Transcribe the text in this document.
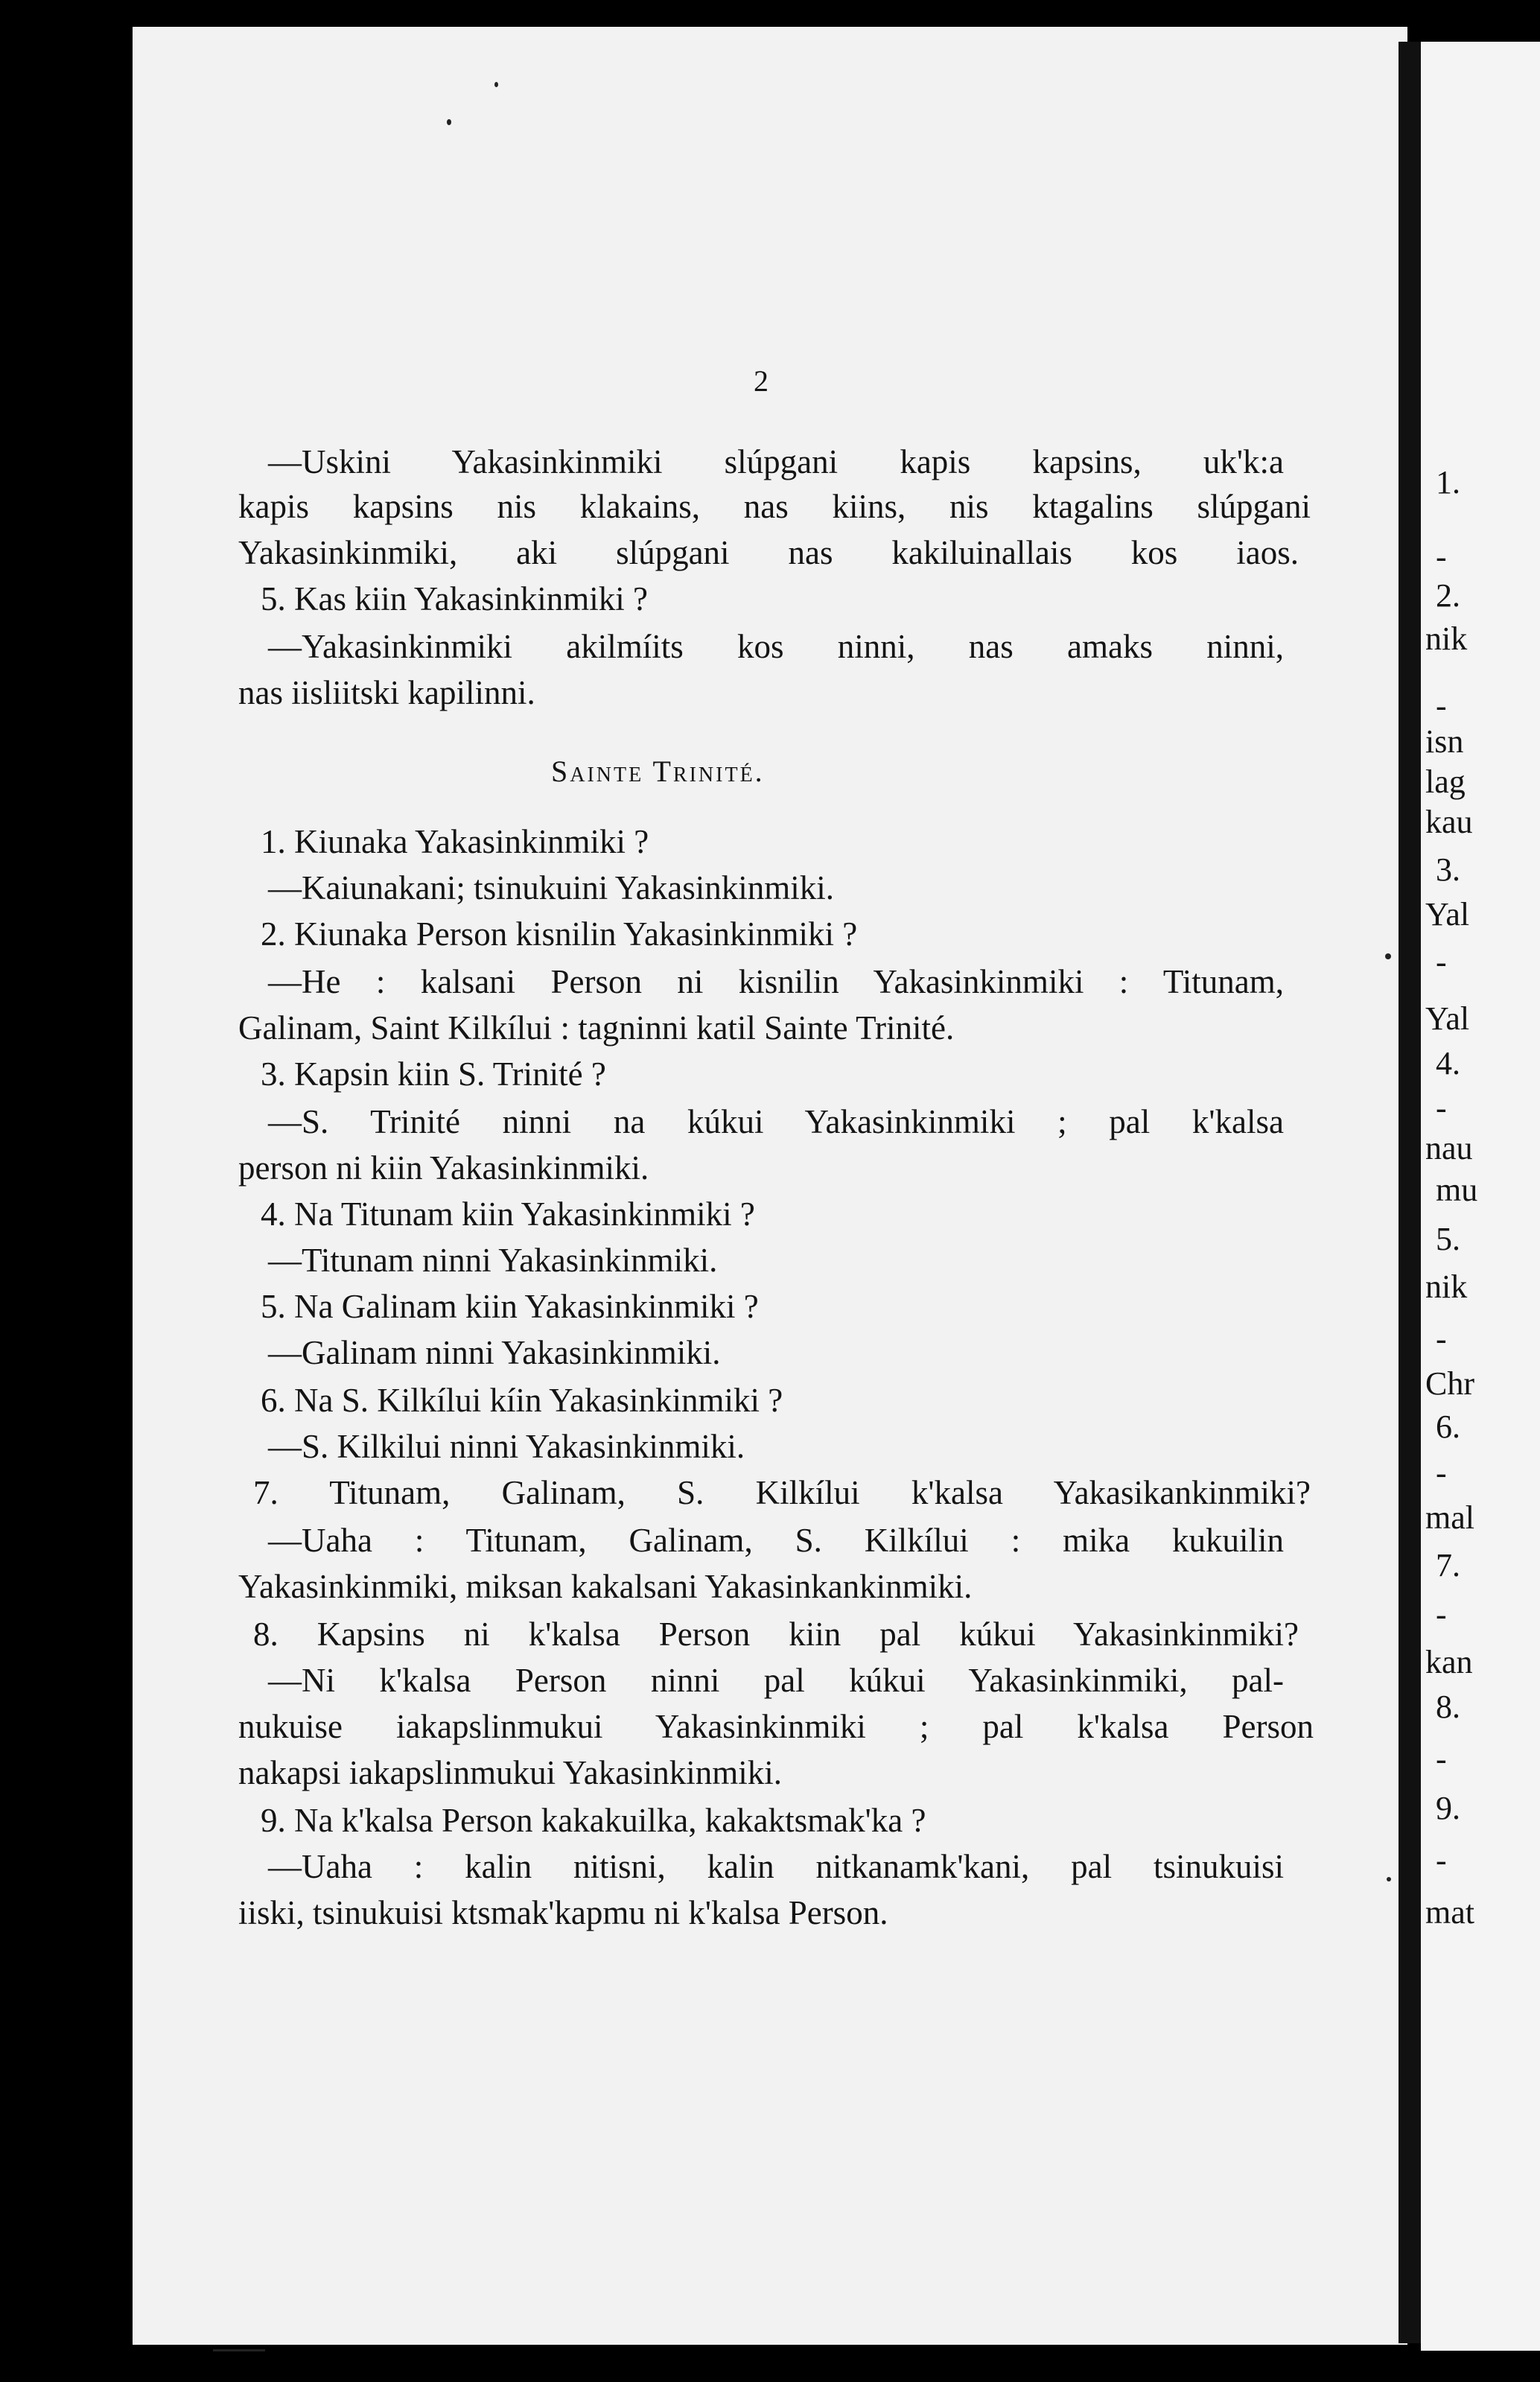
1.
-
2.
nik
-
isn
lag
kau
3.
Yal
-
Yal
4.
-
nau
mu
5.
nik
-
Chr
6.
-
mal
7.
-
kan
8.
-
9.
-
mat
2
—Uskini Yakasinkinmiki slúpgani kapis kapsins, uk'k:a
kapis kapsins nis klakains, nas kiins, nis ktagalins slúpgani
Yakasinkinmiki, aki slúpgani nas kakiluinallais kos iaos.
5. Kas kiin Yakasinkinmiki ?
—Yakasinkinmiki akilmíits kos ninni, nas amaks ninni,
nas iisliitski kapilinni.
Sainte Trinité.
1. Kiunaka Yakasinkinmiki ?
—Kaiunakani; tsinukuini Yakasinkinmiki.
2. Kiunaka Person kisnilin Yakasinkinmiki ?
—He : kalsani Person ni kisnilin Yakasinkinmiki : Titunam,
Galinam, Saint Kilkílui : tagninni katil Sainte Trinité.
3. Kapsin kiin S. Trinité ?
—S. Trinité ninni na kúkui Yakasinkinmiki ; pal k'kalsa
person ni kiin Yakasinkinmiki.
4. Na Titunam kiin Yakasinkinmiki ?
—Titunam ninni Yakasinkinmiki.
5. Na Galinam kiin Yakasinkinmiki ?
—Galinam ninni Yakasinkinmiki.
6. Na S. Kilkílui kíin Yakasinkinmiki ?
—S. Kilkilui ninni Yakasinkinmiki.
7. Titunam, Galinam, S. Kilkílui k'kalsa Yakasikankinmiki?
—Uaha : Titunam, Galinam, S. Kilkílui : mika kukuilin
Yakasinkinmiki, miksan kakalsani Yakasinkankinmiki.
8. Kapsins ni k'kalsa Person kiin pal kúkui Yakasinkinmiki?
—Ni k'kalsa Person ninni pal kúkui Yakasinkinmiki, pal-
nukuise iakapslinmukui Yakasinkinmiki ; pal k'kalsa Person
nakapsi iakapslinmukui Yakasinkinmiki.
9. Na k'kalsa Person kakakuilka, kakaktsmak'ka ?
—Uaha : kalin nitisni, kalin nitkanamk'kani, pal tsinukuisi
iiski, tsinukuisi ktsmak'kapmu ni k'kalsa Person.
